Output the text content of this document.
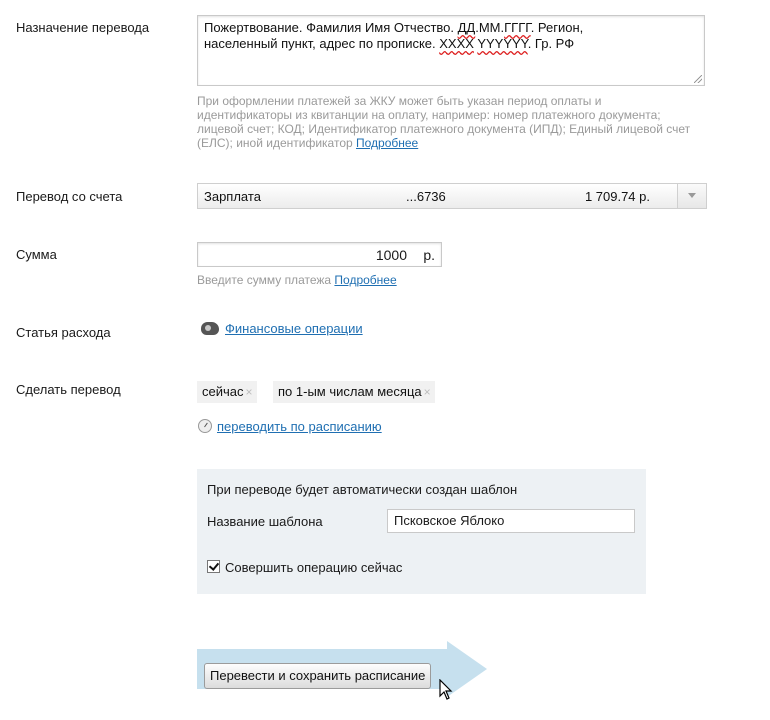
Назначение перевода	Пожертвование. Фамилия Имя Отчество. ДД.ММ.ГГГГ. Регион,
населенный пункт, адрес по прописке. XXXX YYYYYY. Гр. РФ
При оформлении платежей за ЖКУ может быть указан период оплаты и идентификаторы из квитанции на оплату, например: номер платежного документа; лицевой счет; КОД; Идентификатор платежного документа (ИПД); Единый лицевой счет (ЕЛС); иной идентификатор Подробнее
Перевод со счета	Зарплата	...6736	1 709.74 р.
Сумма	1000 р.
Введите сумму платежа Подробнее
Статья расхода	Финансовые операции
Сделать перевод	сейчас ×	по 1-ым числам месяца ×
переводить по расписанию
При переводе будет автоматически создан шаблон
Название шаблона	Псковское Яблоко
Совершить операцию сейчас
Перевести и сохранить расписание
